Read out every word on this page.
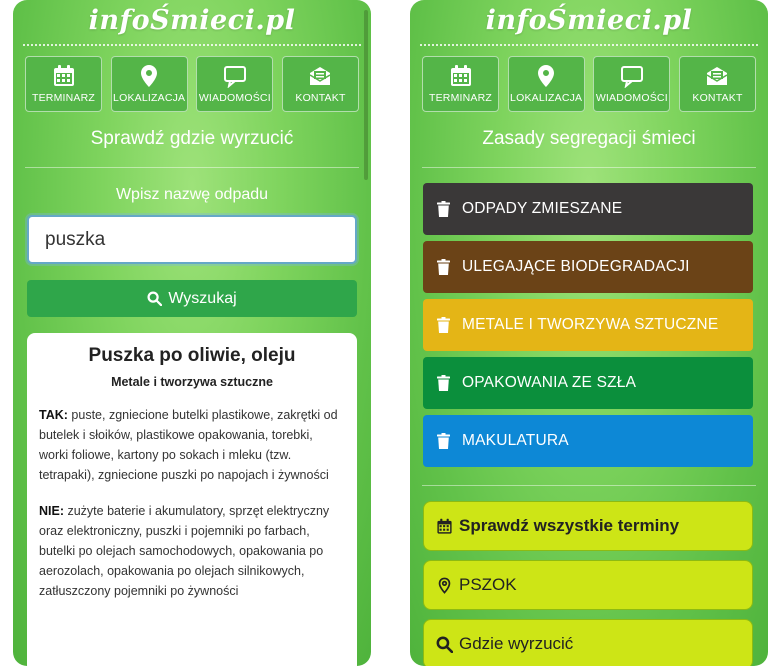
infoŚmieci.pl
TERMINARZ LOKALIZACJA WIADOMOŚCI KONTAKT
Sprawdź gdzie wyrzucić
Wpisz nazwę odpadu
puszka
Wyszukaj
Puszka po oliwie, oleju
Metale i tworzywa sztuczne

TAK: puste, zgniecione butelki plastikowe, zakrętki od butelek i słoików, plastikowe opakowania, torebki, worki foliowe, kartony po sokach i mleku (tzw. tetrapaki), zgniecione puszki po napojach i żywności

NIE: zużyte baterie i akumulatory, sprzęt elektryczny oraz elektroniczny, puszki i pojemniki po farbach, butelki po olejach samochodowych, opakowania po aerozolach, opakowania po olejach silnikowych, zatłuszczony pojemniki po żywności

infoŚmieci.pl
TERMINARZ LOKALIZACJA WIADOMOŚCI KONTAKT
Zasady segregacji śmieci
ODPADY ZMIESZANE
ULEGAJĄCE BIODEGRADACJI
METALE I TWORZYWA SZTUCZNE
OPAKOWANIA ZE SZŁA
MAKULATURA
Sprawdź wszystkie terminy
PSZOK
Gdzie wyrzucić
